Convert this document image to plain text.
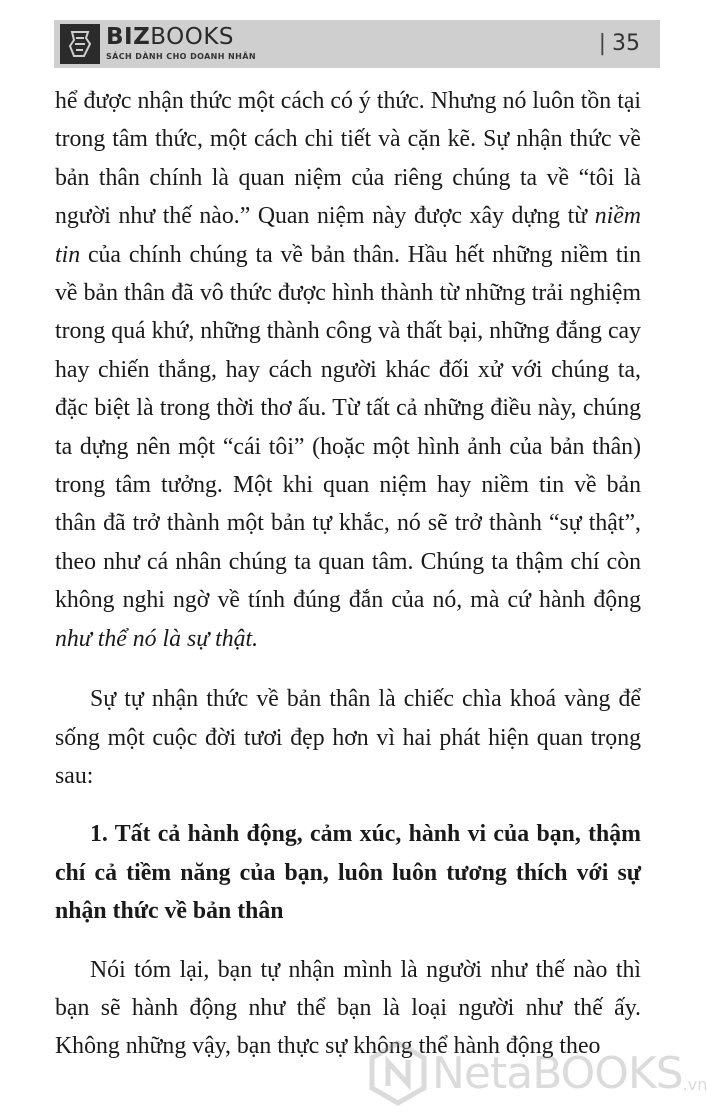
BIZBOOKS
SÁCH DÀNH CHO DOANH NHÂN
| 35

hể được nhận thức một cách có ý thức. Nhưng nó luôn tồn tại trong tâm thức, một cách chi tiết và cặn kẽ. Sự nhận thức về bản thân chính là quan niệm của riêng chúng ta về “tôi là người như thế nào.” Quan niệm này được xây dựng từ niềm tin của chính chúng ta về bản thân. Hầu hết những niềm tin về bản thân đã vô thức được hình thành từ những trải nghiệm trong quá khứ, những thành công và thất bại, những đắng cay hay chiến thắng, hay cách người khác đối xử với chúng ta, đặc biệt là trong thời thơ ấu. Từ tất cả những điều này, chúng ta dựng nên một “cái tôi” (hoặc một hình ảnh của bản thân) trong tâm tưởng. Một khi quan niệm hay niềm tin về bản thân đã trở thành một bản tự khắc, nó sẽ trở thành “sự thật”, theo như cá nhân chúng ta quan tâm. Chúng ta thậm chí còn không nghi ngờ về tính đúng đắn của nó, mà cứ hành động như thể nó là sự thật.

Sự tự nhận thức về bản thân là chiếc chìa khoá vàng để sống một cuộc đời tươi đẹp hơn vì hai phát hiện quan trọng sau:

1. Tất cả hành động, cảm xúc, hành vi của bạn, thậm chí cả tiềm năng của bạn, luôn luôn tương thích với sự nhận thức về bản thân

Nói tóm lại, bạn tự nhận mình là người như thế nào thì bạn sẽ hành động như thể bạn là loại người như thế ấy. Không những vậy, bạn thực sự không thể hành động theo

NetaBOOKS .vn
